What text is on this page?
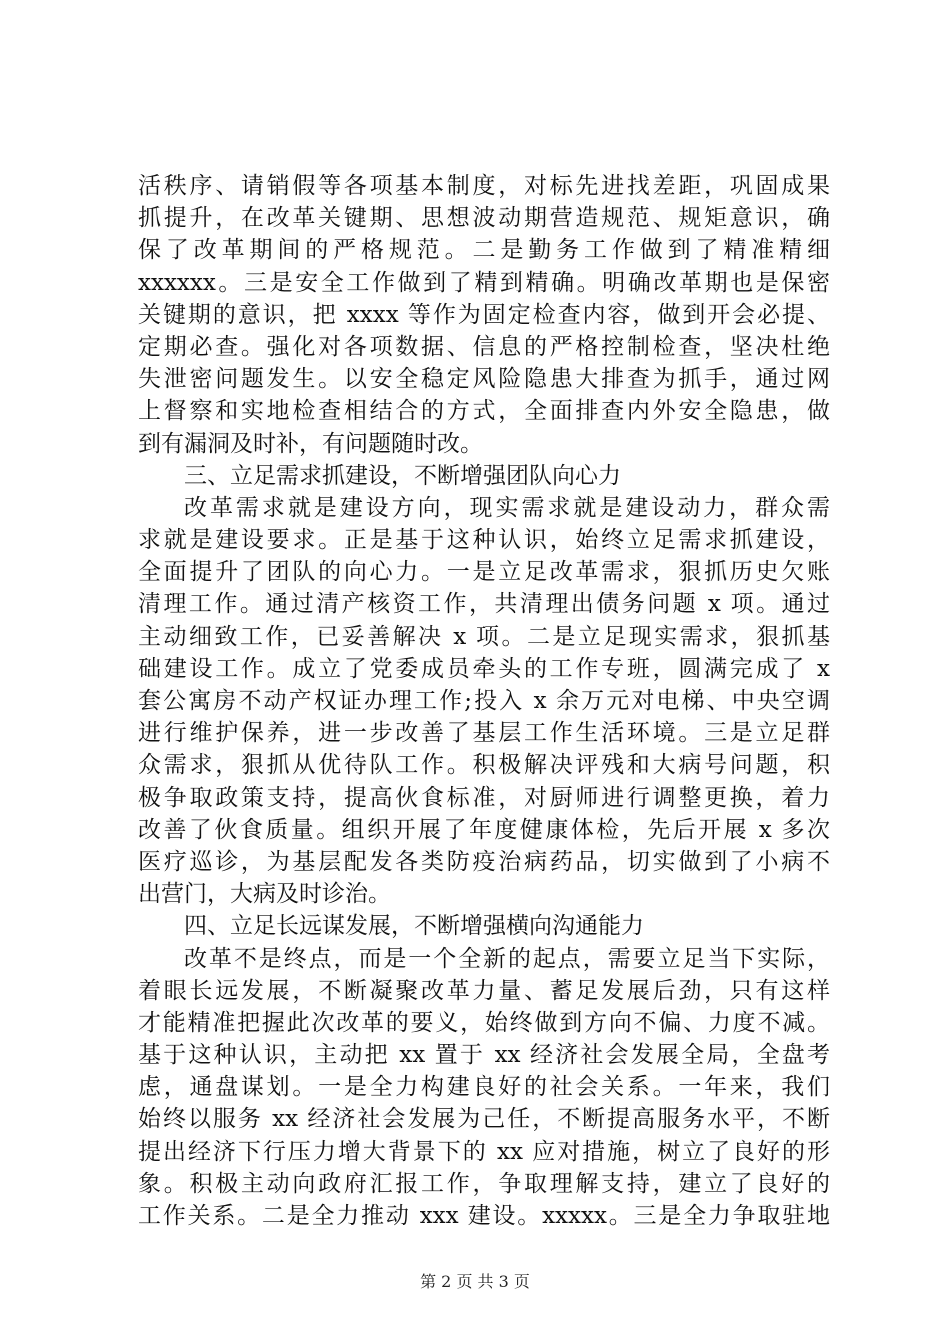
活秩序、请销假等各项基本制度，对标先进找差距，巩固成果
抓提升，在改革关键期、思想波动期营造规范、规矩意识，确
保了改革期间的严格规范。二是勤务工作做到了精准精细
xxxxxx。三是安全工作做到了精到精确。明确改革期也是保密
关键期的意识，把 xxxx 等作为固定检查内容，做到开会必提、
定期必查。强化对各项数据、信息的严格控制检查，坚决杜绝
失泄密问题发生。以安全稳定风险隐患大排查为抓手，通过网
上督察和实地检查相结合的方式，全面排查内外安全隐患，做
到有漏洞及时补，有问题随时改。
三、立足需求抓建设，不断增强团队向心力
改革需求就是建设方向，现实需求就是建设动力，群众需
求就是建设要求。正是基于这种认识，始终立足需求抓建设，
全面提升了团队的向心力。一是立足改革需求，狠抓历史欠账
清理工作。通过清产核资工作，共清理出债务问题 x 项。通过
主动细致工作，已妥善解决 x 项。二是立足现实需求，狠抓基
础建设工作。成立了党委成员牵头的工作专班，圆满完成了 x
套公寓房不动产权证办理工作;投入 x 余万元对电梯、中央空调
进行维护保养，进一步改善了基层工作生活环境。三是立足群
众需求，狠抓从优待队工作。积极解决评残和大病号问题，积
极争取政策支持，提高伙食标准，对厨师进行调整更换，着力
改善了伙食质量。组织开展了年度健康体检，先后开展 x 多次
医疗巡诊，为基层配发各类防疫治病药品，切实做到了小病不
出营门，大病及时诊治。
四、立足长远谋发展，不断增强横向沟通能力
改革不是终点，而是一个全新的起点，需要立足当下实际，
着眼长远发展，不断凝聚改革力量、蓄足发展后劲，只有这样
才能精准把握此次改革的要义，始终做到方向不偏、力度不减。
基于这种认识，主动把 xx 置于 xx 经济社会发展全局，全盘考
虑，通盘谋划。一是全力构建良好的社会关系。一年来，我们
始终以服务 xx 经济社会发展为己任，不断提高服务水平，不断
提出经济下行压力增大背景下的 xx 应对措施，树立了良好的形
象。积极主动向政府汇报工作，争取理解支持，建立了良好的
工作关系。二是全力推动 xxx 建设。xxxxx。三是全力争取驻地
第 2 页 共 3 页
